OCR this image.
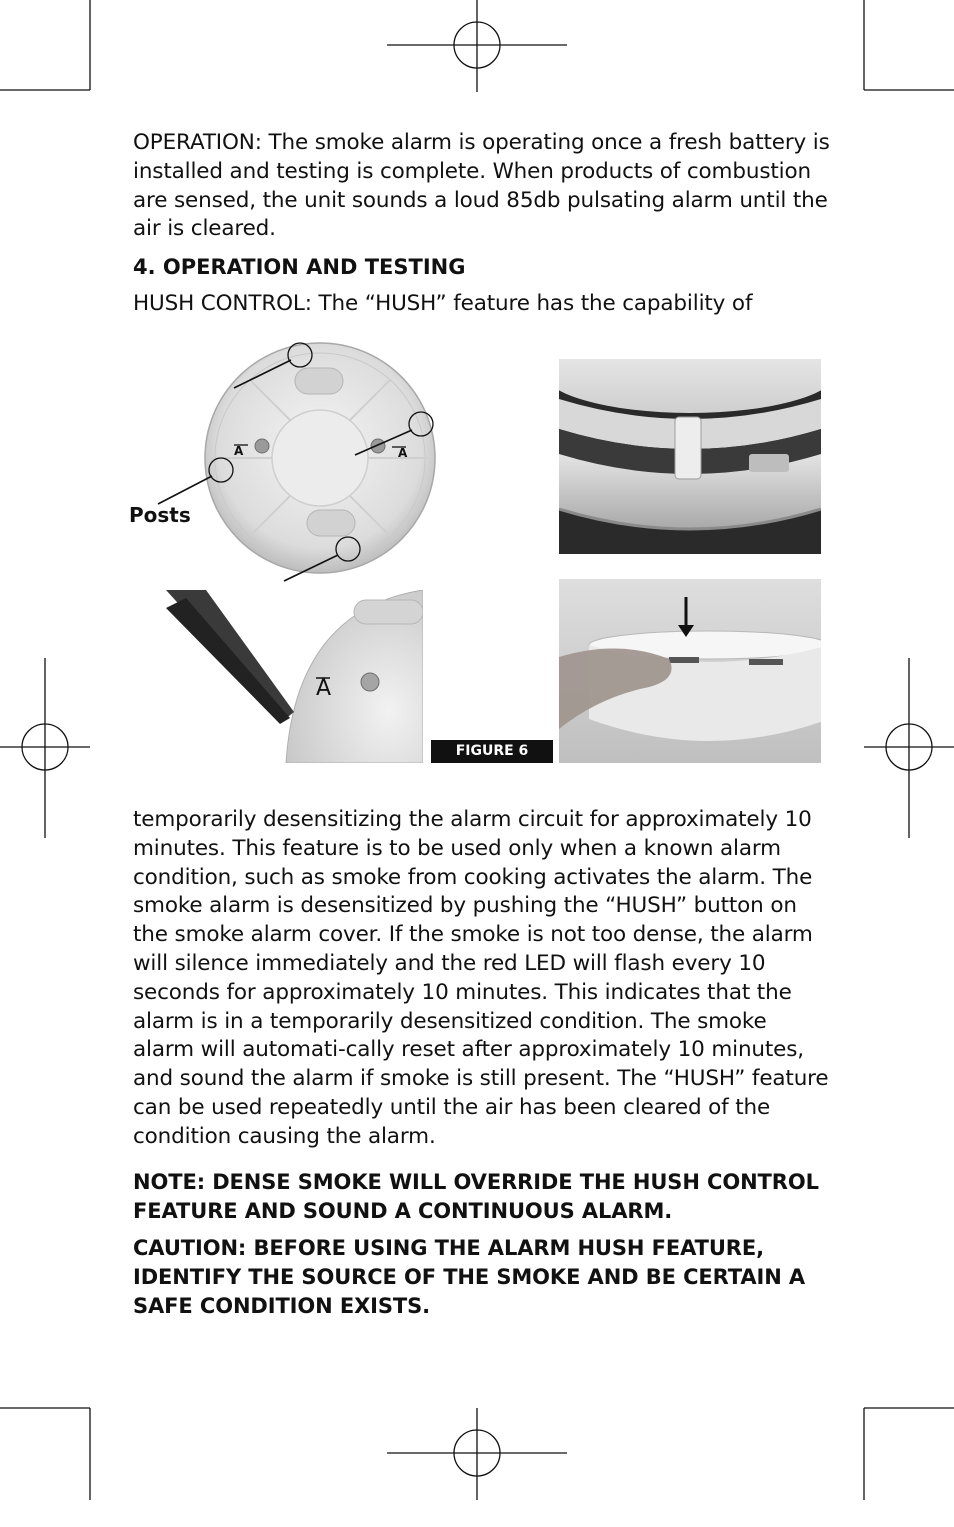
OPERATION: The smoke alarm is operating once a fresh battery is installed and testing is complete. When products of combustion are sensed, the unit sounds a loud 85db pulsating alarm until the air is cleared.

4. OPERATION AND TESTING

HUSH CONTROL: The “HUSH” feature has the capability of

A	A
Posts
A
FIGURE 6

temporarily desensitizing the alarm circuit for approximately 10 minutes. This feature is to be used only when a known alarm condition, such as smoke from cooking activates the alarm. The smoke alarm is desensitized by pushing the “HUSH” button on the smoke alarm cover. If the smoke is not too dense, the alarm will silence immediately and the red LED will flash every 10 seconds for approximately 10 minutes. This indicates that the alarm is in a temporarily desensitized condition. The smoke alarm will automati-cally reset after approximately 10 minutes, and sound the alarm if smoke is still present. The “HUSH” feature can be used repeatedly until the air has been cleared of the condition causing the alarm.

NOTE: DENSE SMOKE WILL OVERRIDE THE HUSH CONTROL FEATURE AND SOUND A CONTINUOUS ALARM.

CAUTION: BEFORE USING THE ALARM HUSH FEATURE, IDENTIFY THE SOURCE OF THE SMOKE AND BE CERTAIN A SAFE CONDITION EXISTS.
